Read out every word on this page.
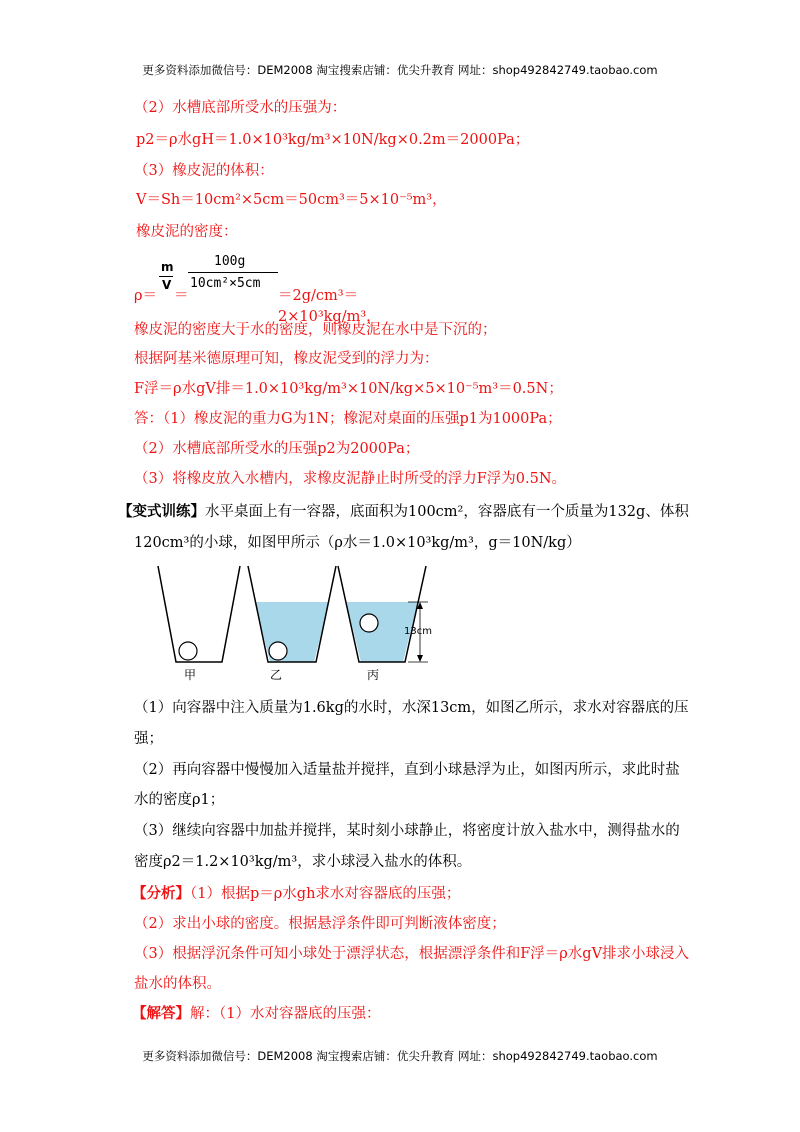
更多资料添加微信号：DEM2008 淘宝搜索店铺：优尖升教育 网址：shop492842749.taobao.com
（2）水槽底部所受水的压强为：
p2＝ρ水gH＝1.0×10³kg/m³×10N/kg×0.2m＝2000Pa；
（3）橡皮泥的体积：
V＝Sh＝10cm²×5cm＝50cm³＝5×10⁻⁵m³，
橡皮泥的密度：
ρ＝
m
V
＝
100g
10cm²×5cm
＝2g/cm³＝2×10³kg/m³，
橡皮泥的密度大于水的密度，则橡皮泥在水中是下沉的；
根据阿基米德原理可知，橡皮泥受到的浮力为：
F浮＝ρ水gV排＝1.0×10³kg/m³×10N/kg×5×10⁻⁵m³＝0.5N；
答：（1）橡皮泥的重力G为1N；橡泥对桌面的压强p1为1000Pa；
（2）水槽底部所受水的压强p2为2000Pa；
（3）将橡皮放入水槽内，求橡皮泥静止时所受的浮力F浮为0.5N。
【变式训练】水平桌面上有一容器，底面积为100cm²，容器底有一个质量为132g、体积
120cm³的小球，如图甲所示（ρ水＝1.0×10³kg/m³，g＝10N/kg）
甲	乙	丙
13cm
（1）向容器中注入质量为1.6kg的水时，水深13cm，如图乙所示，求水对容器底的压
强；
（2）再向容器中慢慢加入适量盐并搅拌，直到小球悬浮为止，如图丙所示，求此时盐
水的密度ρ1；
（3）继续向容器中加盐并搅拌，某时刻小球静止，将密度计放入盐水中，测得盐水的
密度ρ2＝1.2×10³kg/m³，求小球浸入盐水的体积。
【分析】（1）根据p＝ρ水gh求水对容器底的压强；
（2）求出小球的密度。根据悬浮条件即可判断液体密度；
（3）根据浮沉条件可知小球处于漂浮状态，根据漂浮条件和F浮＝ρ水gV排求小球浸入
盐水的体积。
【解答】解：（1）水对容器底的压强：
更多资料添加微信号：DEM2008 淘宝搜索店铺：优尖升教育 网址：shop492842749.taobao.com
